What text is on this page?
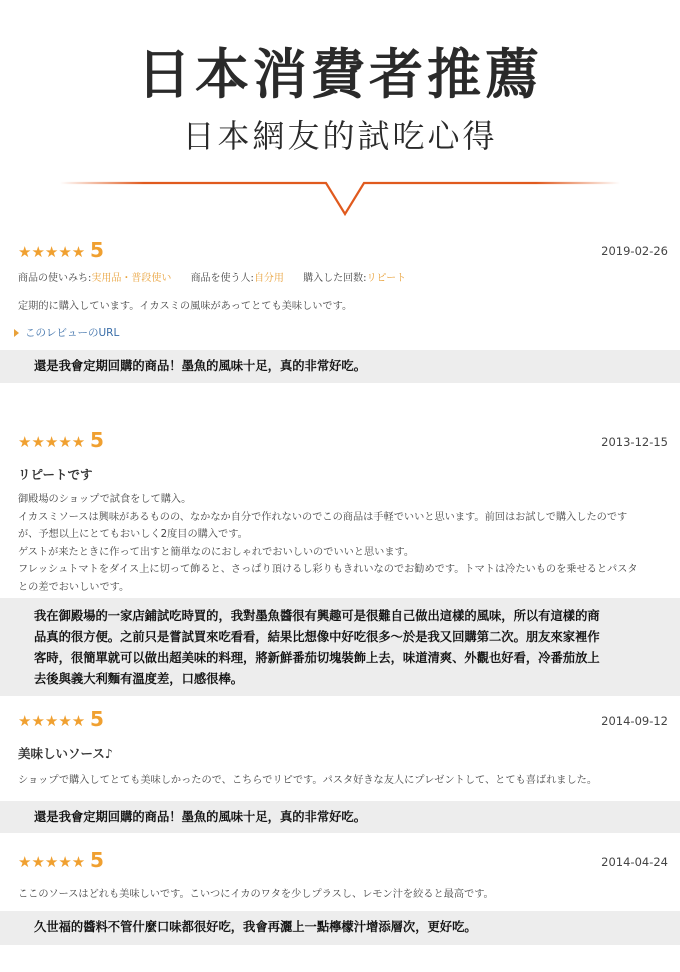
日本消費者推薦
日本網友的試吃心得
★★★★★ 5	2019-02-26
商品の使いみち:実用品・普段使い 商品を使う人:自分用 購入した回数:リピート
定期的に購入しています。イカスミの風味があってとても美味しいです。
このレビューのURL
還是我會定期回購的商品！墨魚的風味十足，真的非常好吃。
★★★★★ 5	2013-12-15
リピートです
御殿場のショップで試食をして購入。
イカスミソースは興味があるものの、なかなか自分で作れないのでこの商品は手軽でいいと思います。前回はお試しで購入したのです
が、予想以上にとてもおいしく2度目の購入です。
ゲストが来たときに作って出すと簡単なのにおしゃれでおいしいのでいいと思います。
フレッシュトマトをダイス上に切って飾ると、さっぱり頂けるし彩りもきれいなのでお勧めです。トマトは冷たいものを乗せるとパスタ
との差でおいしいです。
我在御殿場的一家店鋪試吃時買的，我對墨魚醬很有興趣可是很難自己做出這樣的風味，所以有這樣的商
品真的很方便。之前只是嘗試買來吃看看，結果比想像中好吃很多～於是我又回購第二次。朋友來家裡作
客時，很簡單就可以做出超美味的料理，將新鮮番茄切塊裝飾上去，味道清爽、外觀也好看，冷番茄放上
去後與義大利麵有溫度差，口感很棒。
★★★★★ 5	2014-09-12
美味しいソース♪
ショップで購入してとても美味しかったので、こちらでリピです。パスタ好きな友人にプレゼントして、とても喜ばれました。
還是我會定期回購的商品！墨魚的風味十足，真的非常好吃。
★★★★★ 5	2014-04-24
ここのソースはどれも美味しいです。こいつにイカのワタを少しプラスし、レモン汁を絞ると最高です。
久世福的醬料不管什麼口味都很好吃，我會再灑上一點檸檬汁增添層次，更好吃。
